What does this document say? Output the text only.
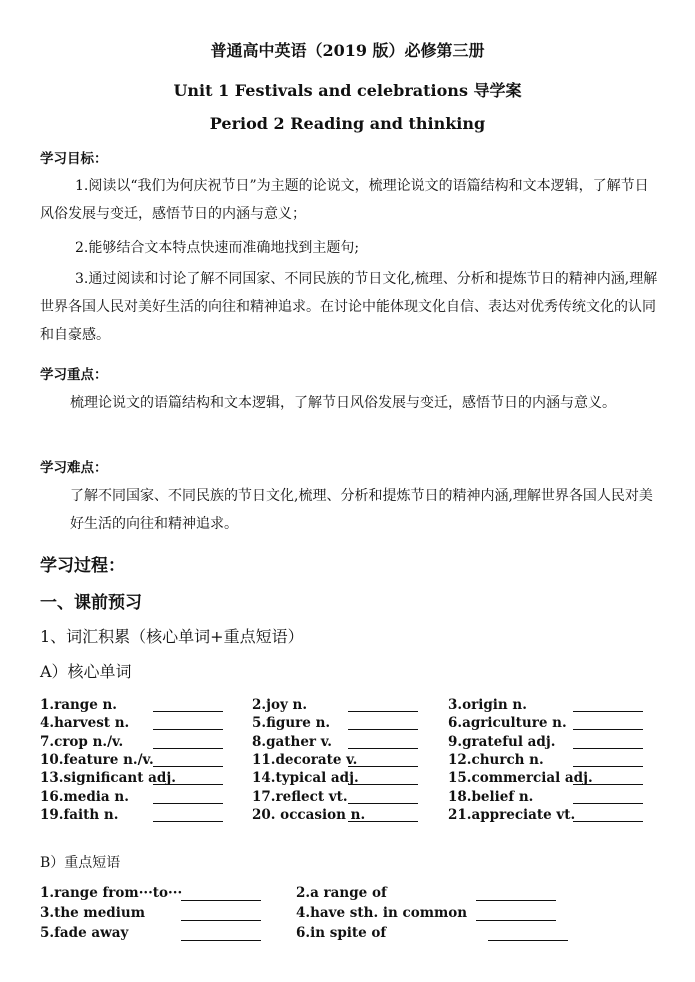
普通高中英语（2019 版）必修第三册
Unit 1 Festivals and celebrations 导学案
Period 2 Reading and thinking
学习目标：
1.阅读以“我们为何庆祝节日”为主题的论说文，梳理论说文的语篇结构和文本逻辑，了解节日风俗发展与变迁，感悟节日的内涵与意义；
2.能够结合文本特点快速而准确地找到主题句;
3.通过阅读和讨论了解不同国家、不同民族的节日文化,梳理、分析和提炼节日的精神内涵,理解世界各国人民对美好生活的向往和精神追求。在讨论中能体现文化自信、表达对优秀传统文化的认同和自豪感。
学习重点：
梳理论说文的语篇结构和文本逻辑，了解节日风俗发展与变迁，感悟节日的内涵与意义。
学习难点：
了解不同国家、不同民族的节日文化,梳理、分析和提炼节日的精神内涵,理解世界各国人民对美好生活的向往和精神追求。
学习过程：
一、课前预习
1、词汇积累（核心单词+重点短语）
A）核心单词
1.range n.	2.joy n.	3.origin n.
4.harvest n.	5.figure n.	6.agriculture n.
7.crop n./v.	8.gather v.	9.grateful adj.
10.feature n./v.	11.decorate v.	12.church n.
13.significant adj.	14.typical adj.	15.commercial adj.
16.media n.	17.reflect vt.	18.belief n.
19.faith n.	20. occasion n.	21.appreciate vt.
B）重点短语
1.range from···to···	2.a range of
3.the medium	4.have sth. in common
5.fade away	6.in spite of
